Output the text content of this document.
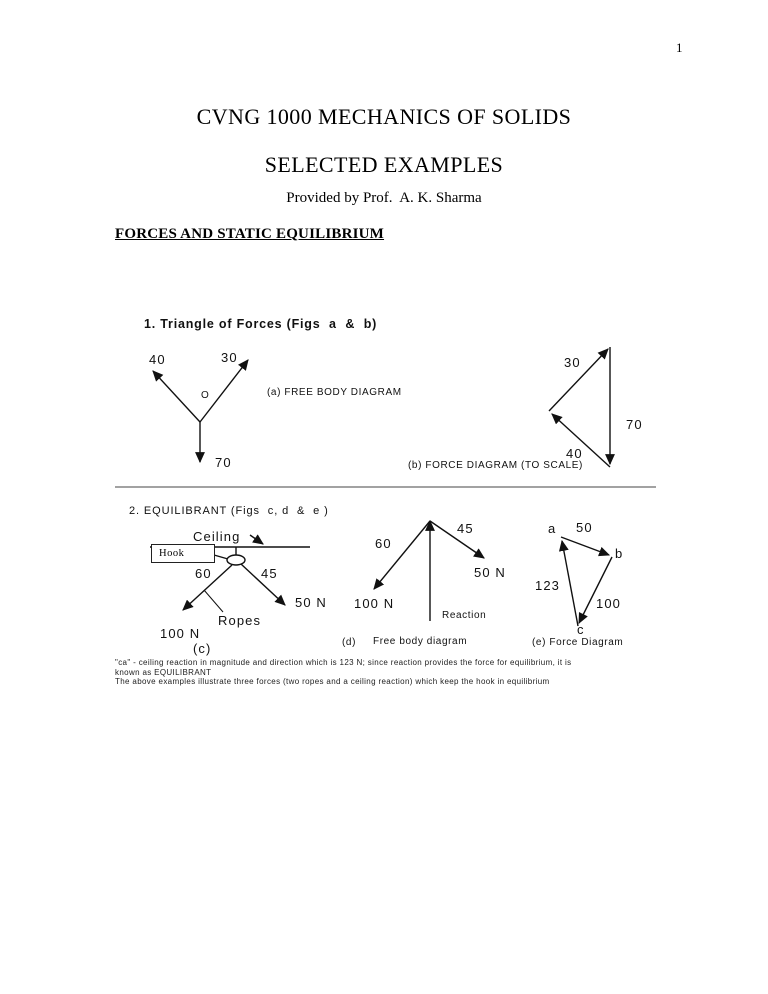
1
CVNG 1000 MECHANICS OF SOLIDS
SELECTED EXAMPLES
Provided by Prof.  A. K. Sharma
FORCES AND STATIC EQUILIBRIUM
1. Triangle of Forces (Figs  a  &  b)
40	30
O
70
(a) FREE BODY DIAGRAM
30
70
40
(b) FORCE DIAGRAM (TO SCALE)
2. EQUILIBRANT (Figs  c, d  &  e )
Ceiling
Hook
60	45
50 N
Ropes
100 N
(c)
60
45
100 N
50 N
Reaction
(d) Free body diagram
a 50
b
123
100
c
(e) Force Diagram
"ca" - ceiling reaction in magnitude and direction which is 123 N; since reaction provides the force for equilibrium, it is
known as EQUILIBRANT
The above examples illustrate three forces (two ropes and a ceiling reaction) which keep the hook in equilibrium
